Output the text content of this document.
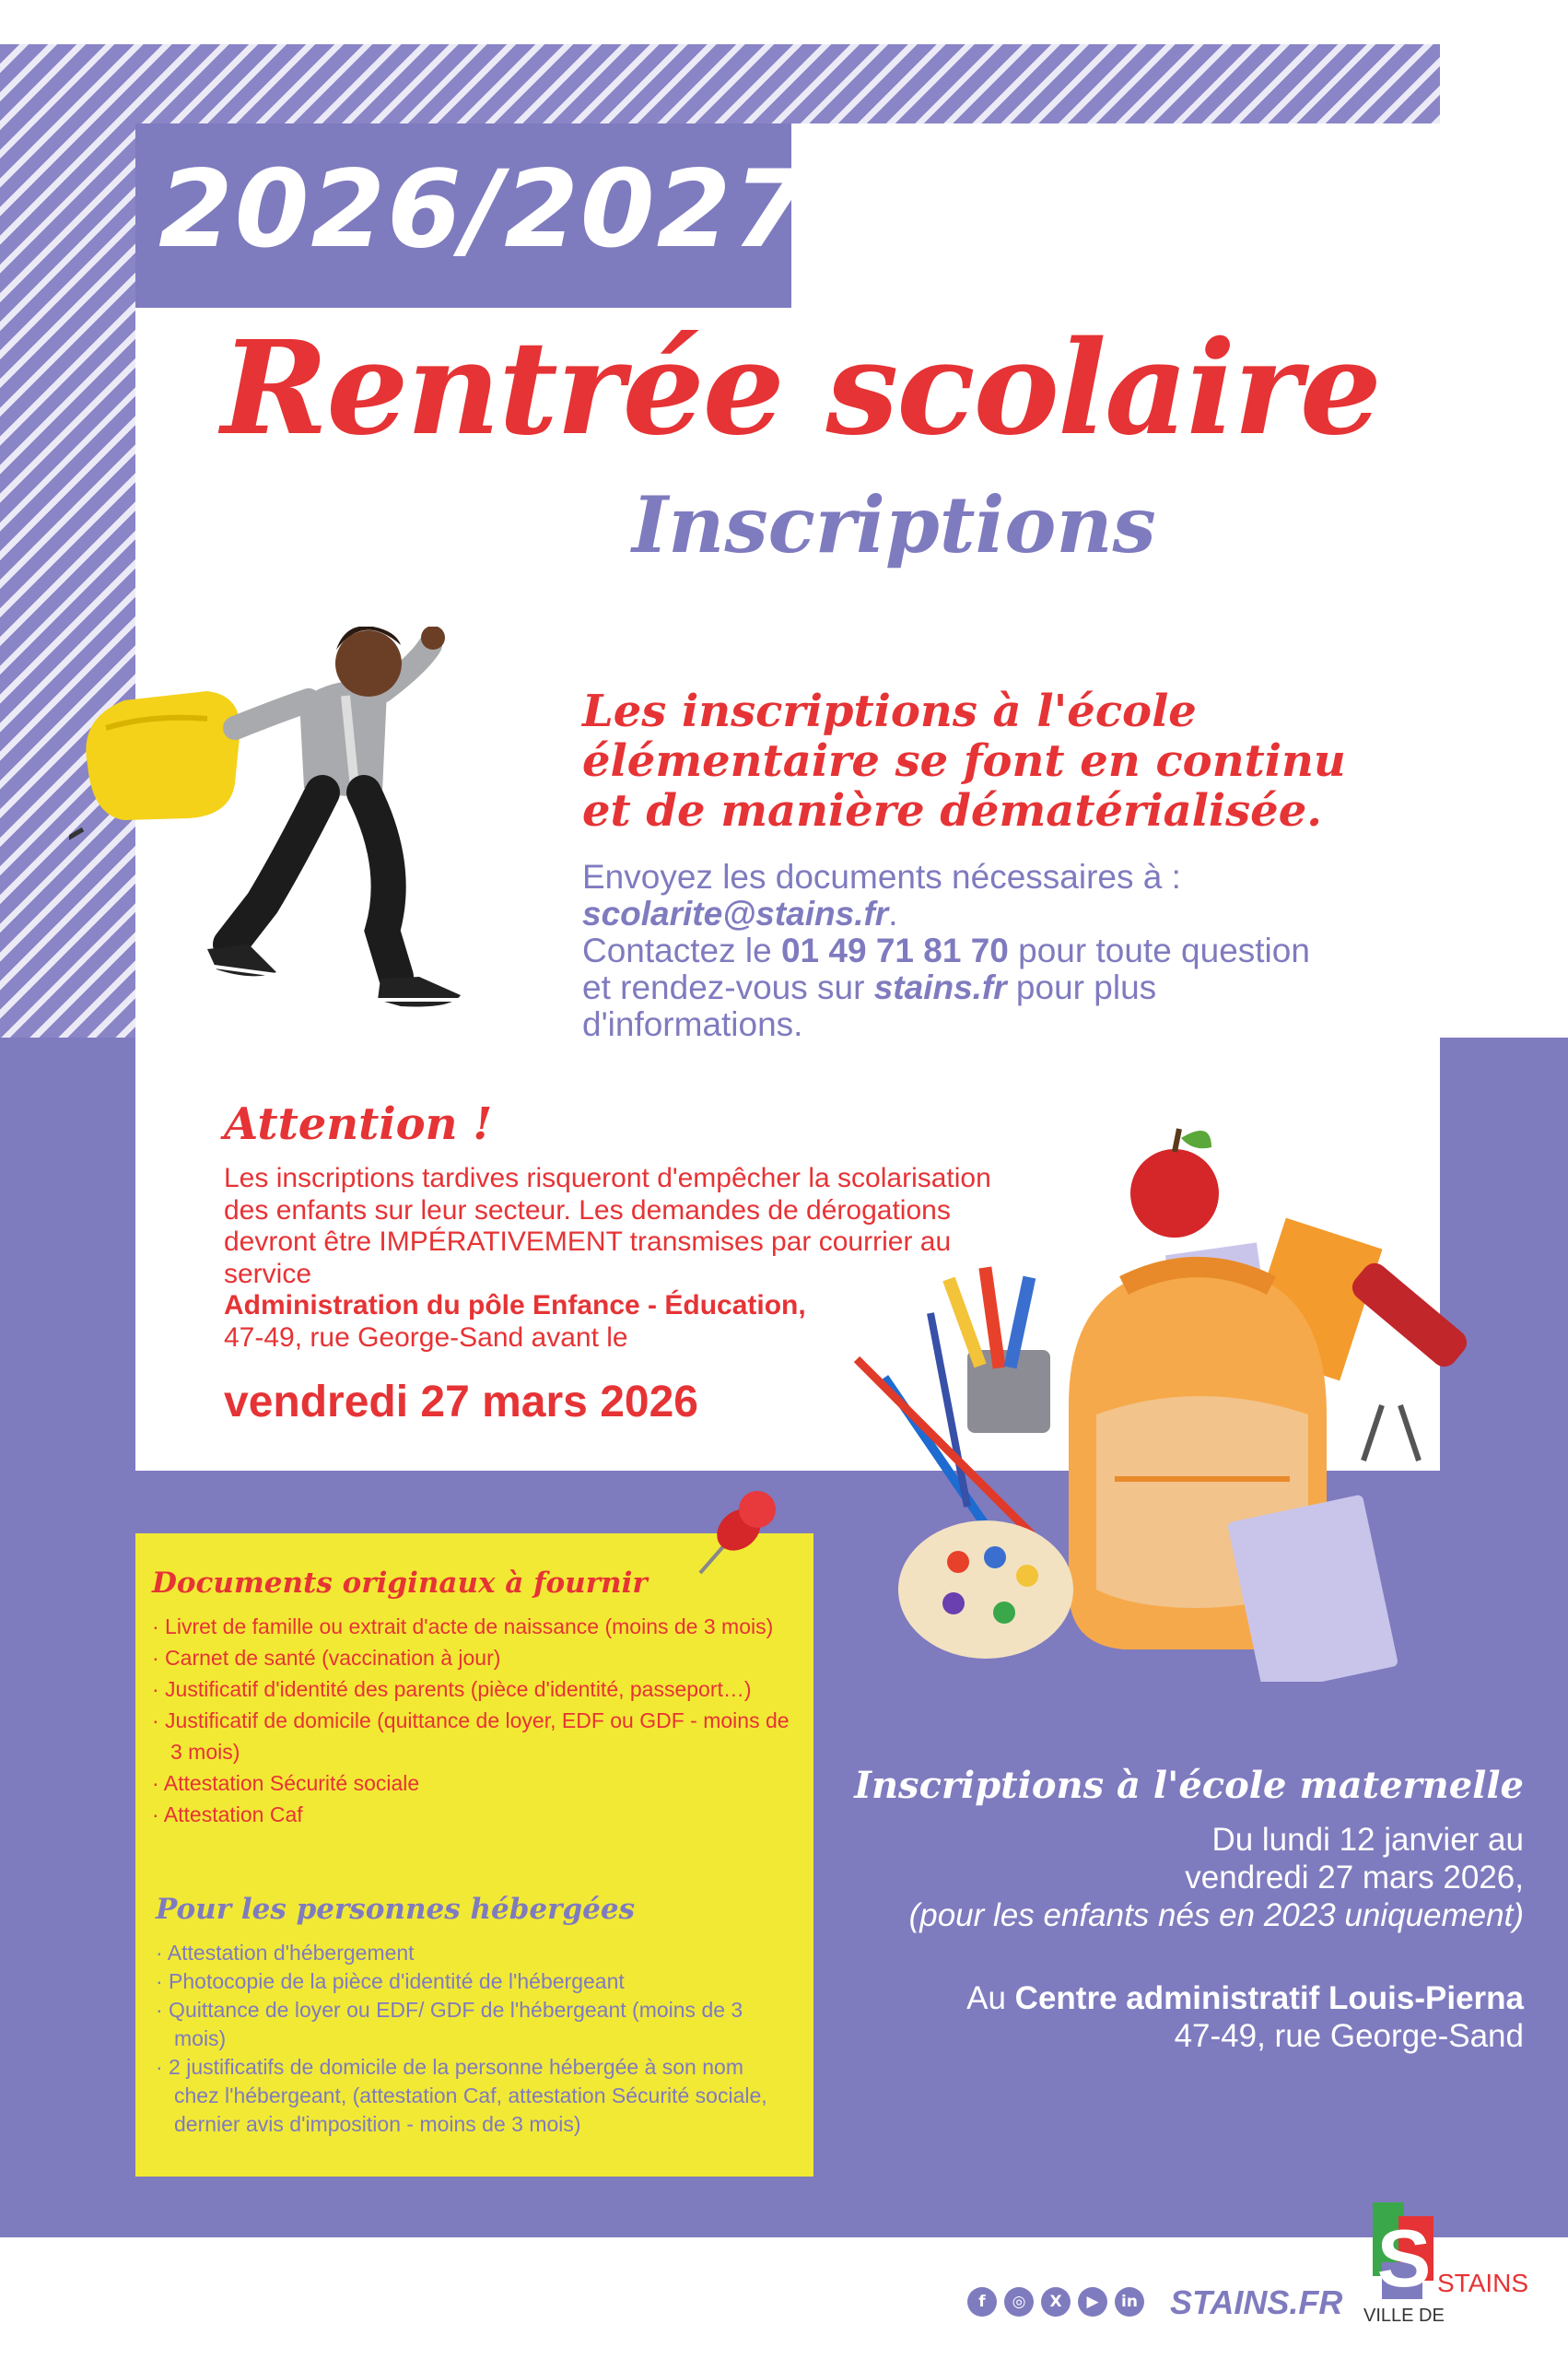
2026/2027
Rentrée scolaire
Inscriptions
Les inscriptions à l'école élémentaire se font en continu et de manière dématérialisée.
Envoyez les documents nécessaires à :
scolarite@stains.fr.
Contactez le 01 49 71 81 70 pour toute question et rendez-vous sur stains.fr pour plus d'informations.
Attention !
Les inscriptions tardives risqueront d'empêcher la scolarisation des enfants sur leur secteur. Les demandes de dérogations devront être IMPÉRATIVEMENT transmises par courrier au service
Administration du pôle Enfance - Éducation,
47-49, rue George-Sand avant le
vendredi 27 mars 2026
Documents originaux à fournir
· Livret de famille ou extrait d'acte de naissance (moins de 3 mois)
· Carnet de santé (vaccination à jour)
· Justificatif d'identité des parents (pièce d'identité, passeport…)
· Justificatif de domicile (quittance de loyer, EDF ou GDF - moins de 3 mois)
· Attestation Sécurité sociale
· Attestation Caf
Pour les personnes hébergées
· Attestation d'hébergement
· Photocopie de la pièce d'identité de l'hébergeant
· Quittance de loyer ou EDF/ GDF de l'hébergeant (moins de 3 mois)
· 2 justificatifs de domicile de la personne hébergée à son nom chez l'hébergeant, (attestation Caf, attestation Sécurité sociale, dernier avis d'imposition - moins de 3 mois)
Inscriptions à l'école maternelle
Du lundi 12 janvier au
vendredi 27 mars 2026,
(pour les enfants nés en 2023 uniquement)
Au Centre administratif Louis-Pierna
47-49, rue George-Sand	| CRÉATION GRAPHIQUE, IMPRESSION © VILLE DE STAINS | PHOTOS-ILLUSTRATIONS © ADOBE | JANVIER 2026 |
f	◎	X	▶	in STAINS.FR S STAINS
VILLE DE
